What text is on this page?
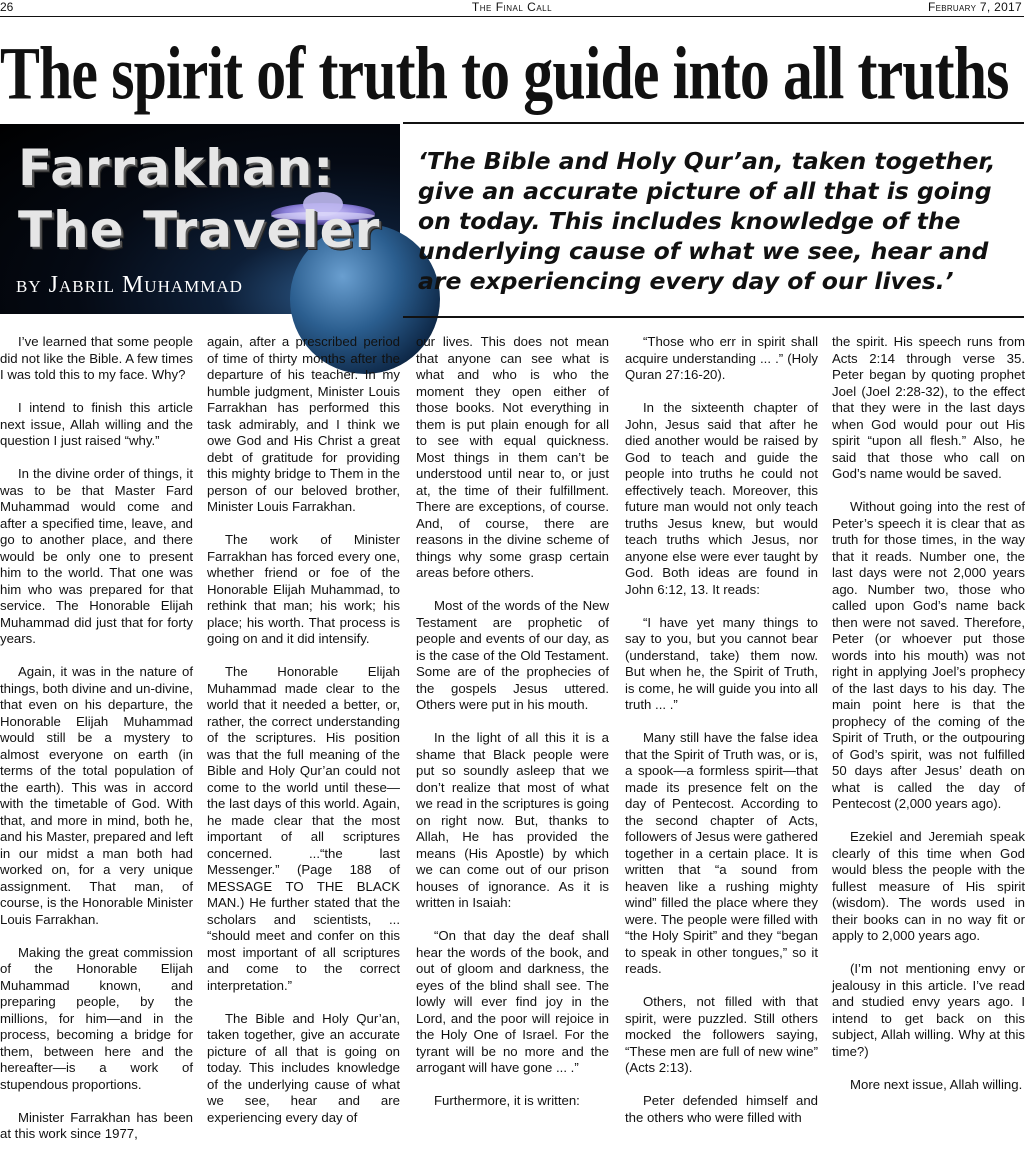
26	The Final Call	February 7, 2017
The spirit of truth to guide into all truths
Farrakhan:
The Traveler
by Jabril Muhammad
‘The Bible and Holy Qur’an, taken together, give an accurate picture of all that is going on today. This includes knowledge of the underlying cause of what we see, hear and are experiencing every day of our lives.’

I’ve learned that some people did not like the Bible. A few times I was told this to my face. Why?

I intend to finish this article next issue, Allah willing and the question I just raised “why.”

In the divine order of things, it was to be that Master Fard Muhammad would come and after a specified time, leave, and go to another place, and there would be only one to present him to the world. That one was him who was prepared for that service. The Honorable Elijah Muhammad did just that for forty years.

Again, it was in the nature of things, both divine and un-divine, that even on his departure, the Honorable Elijah Muhammad would still be a mystery to almost everyone on earth (in terms of the total population of the earth). This was in accord with the timetable of God. With that, and more in mind, both he, and his Master, prepared and left in our midst a man both had worked on, for a very unique assignment. That man, of course, is the Honorable Minister Louis Farrakhan.

Making the great commission of the Honorable Elijah Muhammad known, and preparing people, by the millions, for him—and in the process, becoming a bridge for them, between here and the hereafter—is a work of stupendous proportions.

Minister Farrakhan has been at this work since 1977,

again, after a prescribed period of time of thirty months after the departure of his teacher. In my humble judgment, Minister Louis Farrakhan has performed this task admirably, and I think we owe God and His Christ a great debt of gratitude for providing this mighty bridge to Them in the person of our beloved brother, Minister Louis Farrakhan.

The work of Minister Farrakhan has forced every one, whether friend or foe of the Honorable Elijah Muhammad, to rethink that man; his work; his place; his worth. That process is going on and it did intensify.

The Honorable Elijah Muhammad made clear to the world that it needed a better, or, rather, the correct understanding of the scriptures. His position was that the full meaning of the Bible and Holy Qur’an could not come to the world until these—the last days of this world. Again, he made clear that the most important of all scriptures concerned. ...“the last Messenger.” (Page 188 of MESSAGE TO THE BLACK MAN.) He further stated that the scholars and scientists, ... “should meet and confer on this most important of all scriptures and come to the correct interpretation.”

The Bible and Holy Qur’an, taken together, give an accurate picture of all that is going on today. This includes knowledge of the underlying cause of what we see, hear and are experiencing every day of

our lives. This does not mean that anyone can see what is what and who is who the moment they open either of those books. Not everything in them is put plain enough for all to see with equal quickness. Most things in them can’t be understood until near to, or just at, the time of their fulfillment. There are exceptions, of course. And, of course, there are reasons in the divine scheme of things why some grasp certain areas before others.

Most of the words of the New Testament are prophetic of people and events of our day, as is the case of the Old Testament. Some are of the prophecies of the gospels Jesus uttered. Others were put in his mouth.

In the light of all this it is a shame that Black people were put so soundly asleep that we don’t realize that most of what we read in the scriptures is going on right now. But, thanks to Allah, He has provided the means (His Apostle) by which we can come out of our prison houses of ignorance. As it is written in Isaiah:

“On that day the deaf shall hear the words of the book, and out of gloom and darkness, the eyes of the blind shall see. The lowly will ever find joy in the Lord, and the poor will rejoice in the Holy One of Israel. For the tyrant will be no more and the arrogant will have gone ... .”

Furthermore, it is written:

“Those who err in spirit shall acquire understanding ... .” (Holy Quran 27:16-20).

In the sixteenth chapter of John, Jesus said that after he died another would be raised by God to teach and guide the people into truths he could not effectively teach. Moreover, this future man would not only teach truths Jesus knew, but would teach truths which Jesus, nor anyone else were ever taught by God. Both ideas are found in John 6:12, 13. It reads:

“I have yet many things to say to you, but you cannot bear (understand, take) them now. But when he, the Spirit of Truth, is come, he will guide you into all truth ... .”

Many still have the false idea that the Spirit of Truth was, or is, a spook—a formless spirit—that made its presence felt on the day of Pentecost. According to the second chapter of Acts, followers of Jesus were gathered together in a certain place. It is written that “a sound from heaven like a rushing mighty wind” filled the place where they were. The people were filled with “the Holy Spirit” and they “began to speak in other tongues,” so it reads.

Others, not filled with that spirit, were puzzled. Still others mocked the followers saying, “These men are full of new wine” (Acts 2:13).

Peter defended himself and the others who were filled with

the spirit. His speech runs from Acts 2:14 through verse 35. Peter began by quoting prophet Joel (Joel 2:28-32), to the effect that they were in the last days when God would pour out His spirit “upon all flesh.” Also, he said that those who call on God’s name would be saved.

Without going into the rest of Peter’s speech it is clear that as truth for those times, in the way that it reads. Number one, the last days were not 2,000 years ago. Number two, those who called upon God’s name back then were not saved. Therefore, Peter (or whoever put those words into his mouth) was not right in applying Joel’s prophecy of the last days to his day. The main point here is that the prophecy of the coming of the Spirit of Truth, or the outpouring of God’s spirit, was not fulfilled 50 days after Jesus’ death on what is called the day of Pentecost (2,000 years ago).

Ezekiel and Jeremiah speak clearly of this time when God would bless the people with the fullest measure of His spirit (wisdom). The words used in their books can in no way fit or apply to 2,000 years ago.

(I’m not mentioning envy or jealousy in this article. I’ve read and studied envy years ago. I intend to get back on this subject, Allah willing. Why at this time?)

More next issue, Allah willing.
